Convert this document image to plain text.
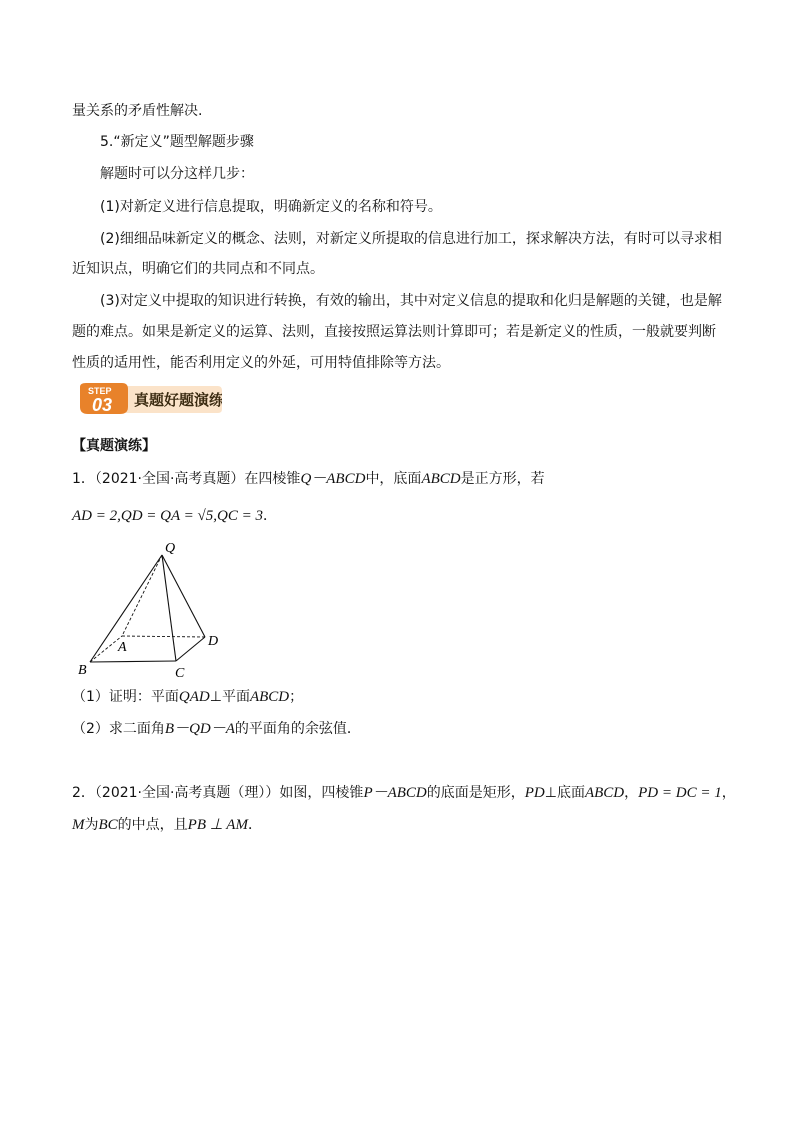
量关系的矛盾性解决.
5.“新定义”题型解题步骤
解题时可以分这样几步：
(1)对新定义进行信息提取，明确新定义的名称和符号。
(2)细细品味新定义的概念、法则，对新定义所提取的信息进行加工，探求解决方法，有时可以寻求相
近知识点，明确它们的共同点和不同点。
(3)对定义中提取的知识进行转换，有效的输出，其中对定义信息的提取和化归是解题的关键，也是解
题的难点。如果是新定义的运算、法则，直接按照运算法则计算即可；若是新定义的性质，一般就要判断
性质的适用性，能否利用定义的外延，可用特值排除等方法。
STEP
03 真题好题演练
【真题演练】
1．（2021·全国·高考真题）在四棱锥Q－ABCD中，底面ABCD是正方形，若
AD = 2,QD = QA = √5,QC = 3．
Q
A
B	C
D
（1）证明：平面QAD⊥平面ABCD；
（2）求二面角B－QD－A的平面角的余弦值．
2．（2021·全国·高考真题（理））如图，四棱锥P－ABCD的底面是矩形，PD⊥底面ABCD，PD = DC = 1，
M为BC的中点，且PB ⊥ AM．
